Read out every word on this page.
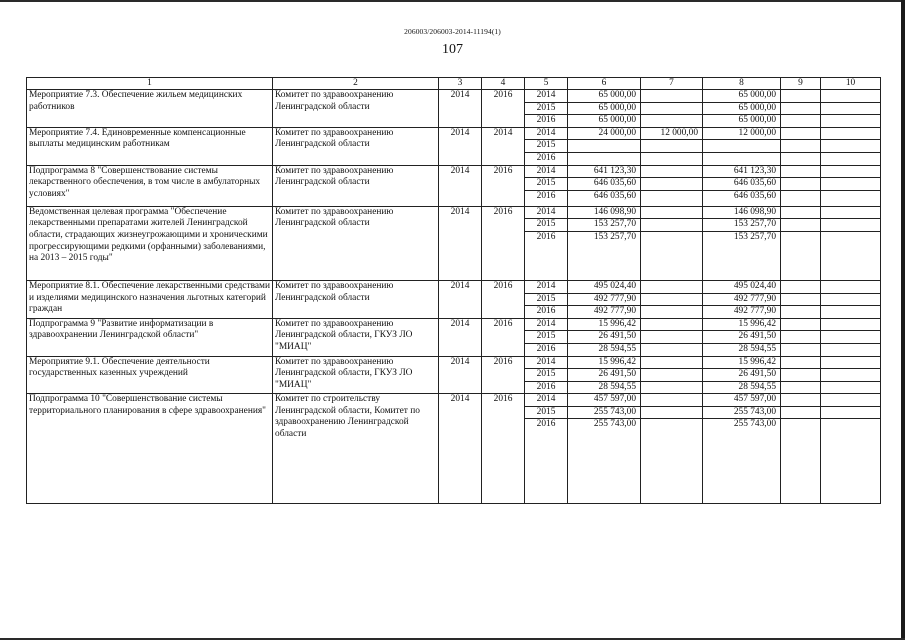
206003/206003-2014-11194(1)
107
1	2	3	4	5	6	7	8	9	10
Мероприятие 7.3. Обеспечение жильем медицинских работников	Комитет по здравоохранению Ленинградской области	2014	2016	2014	65 000,00		65 000,00		
				2015	65 000,00		65 000,00		
				2016	65 000,00		65 000,00		
Мероприятие 7.4. Единовременные компенсационные выплаты медицинским работникам	Комитет по здравоохранению Ленинградской области	2014	2014	2014	24 000,00	12 000,00	12 000,00		
				2015					
				2016					
Подпрограмма 8 "Совершенствование системы лекарственного обеспечения, в том числе в амбулаторных условиях"	Комитет по здравоохранению Ленинградской области	2014	2016	2014	641 123,30		641 123,30		
				2015	646 035,60		646 035,60		
				2016	646 035,60		646 035,60		
Ведомственная целевая программа "Обеспечение лекарственными препаратами жителей Ленинградской области, страдающих жизнеугрожающими и хроническими прогрессирующими редкими (орфанными) заболеваниями, на 2013 – 2015 годы"	Комитет по здравоохранению Ленинградской области	2014	2016	2014	146 098,90		146 098,90		
				2015	153 257,70		153 257,70		
				2016	153 257,70		153 257,70		
Мероприятие 8.1. Обеспечение лекарственными средствами и изделиями медицинского назначения льготных категорий граждан	Комитет по здравоохранению Ленинградской области	2014	2016	2014	495 024,40		495 024,40		
				2015	492 777,90		492 777,90		
				2016	492 777,90		492 777,90		
Подпрограмма 9 "Развитие информатизации в здравоохранении Ленинградской области"	Комитет по здравоохранению Ленинградской области, ГКУЗ ЛО "МИАЦ"	2014	2016	2014	15 996,42		15 996,42		
				2015	26 491,50		26 491,50		
				2016	28 594,55		28 594,55		
Мероприятие 9.1. Обеспечение деятельности государственных казенных учреждений	Комитет по здравоохранению Ленинградской области, ГКУЗ ЛО "МИАЦ"	2014	2016	2014	15 996,42		15 996,42		
				2015	26 491,50		26 491,50		
				2016	28 594,55		28 594,55		
Подпрограмма 10 "Совершенствование системы территориального планирования в сфере здравоохранения"	Комитет по строительству Ленинградской области, Комитет по здравоохранению Ленинградской области	2014	2016	2014	457 597,00		457 597,00		
				2015	255 743,00		255 743,00		
				2016	255 743,00		255 743,00		
